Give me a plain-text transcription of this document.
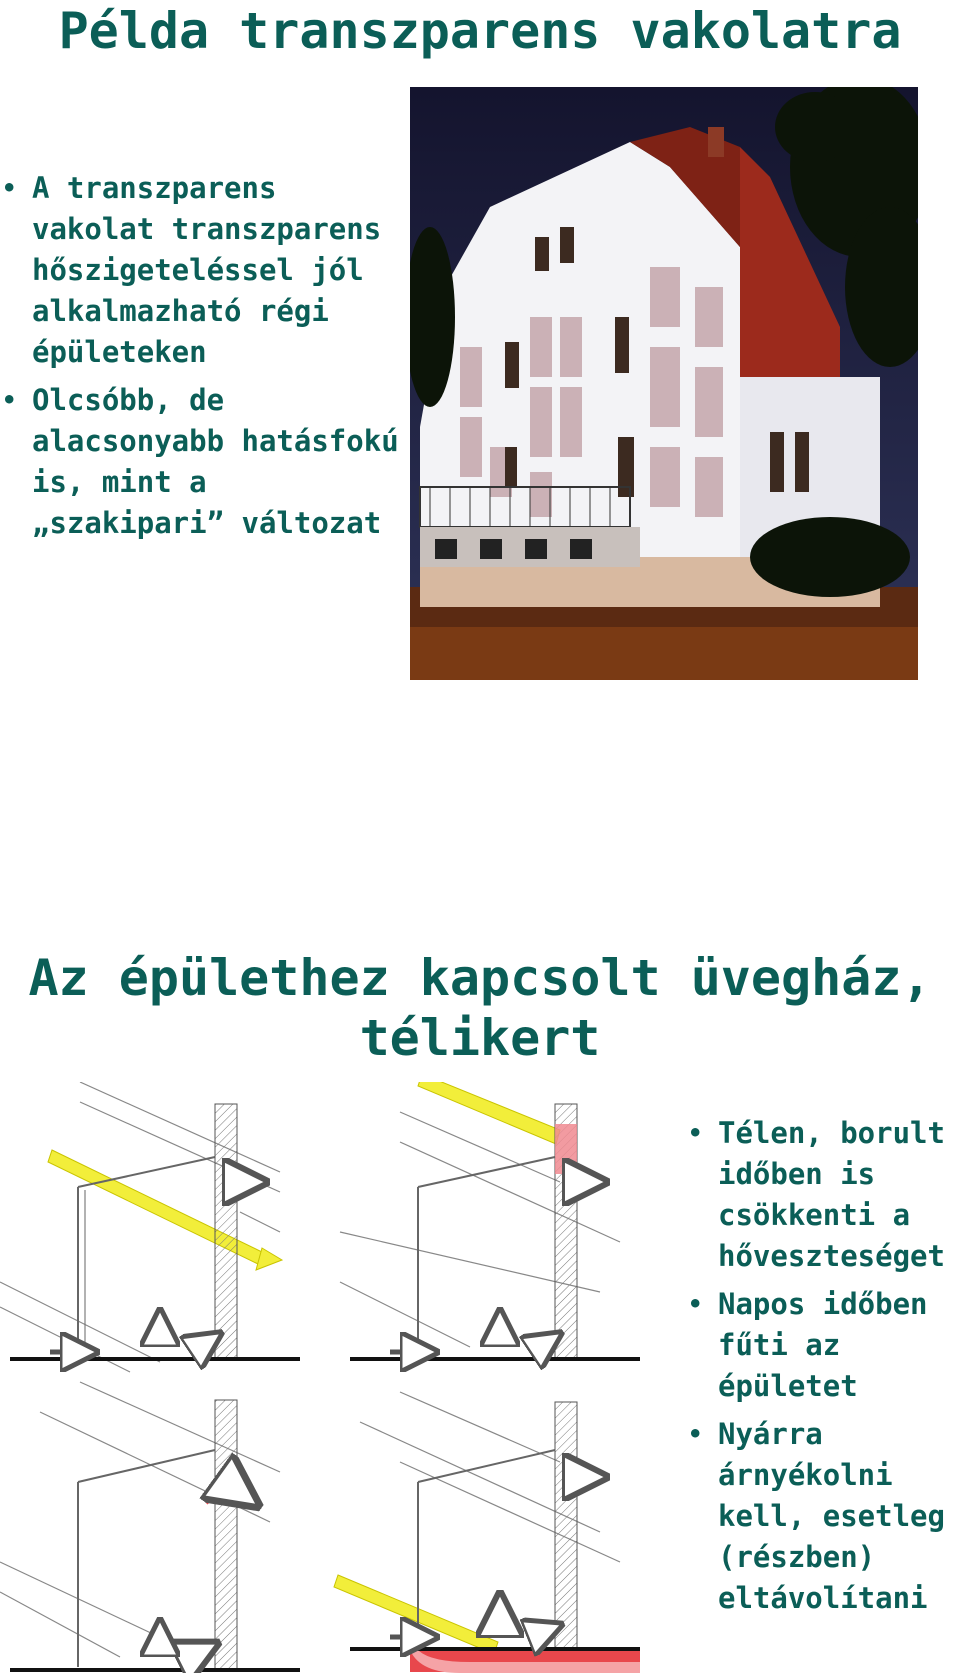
Példa transzparens vakolatra
• A transzparens vakolat transzparens hőszigeteléssel jól alkalmazható régi épületeken
• Olcsóbb, de alacsonyabb hatásfokú is, mint a „szakipari” változat
Az épülethez kapcsolt üvegház, télikert
• Télen, borult időben is csökkenti a hőveszteséget
• Napos időben fűti az épületet
• Nyárra árnyékolni kell, esetleg (részben) eltávolítani
